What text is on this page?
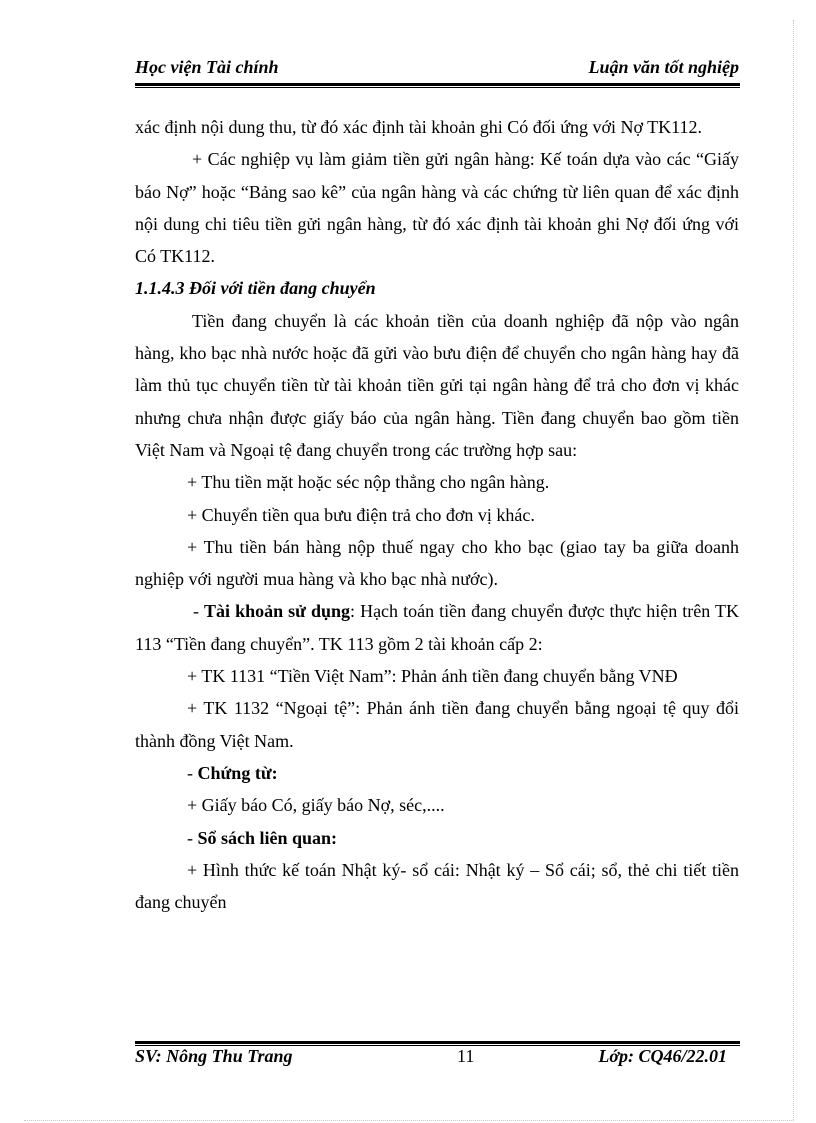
Học viện Tài chính	Luận văn tốt nghiệp

xác định nội dung thu, từ đó xác định tài khoản ghi Có đối ứng với Nợ TK112.

+ Các nghiệp vụ làm giảm tiền gửi ngân hàng: Kế toán dựa vào các “Giấy báo Nợ” hoặc “Bảng sao kê” của ngân hàng và các chứng từ liên quan để xác định nội dung chi tiêu tiền gửi ngân hàng, từ đó xác định tài khoản ghi Nợ đối ứng với Có TK112.

1.1.4.3 Đối với tiền đang chuyển

Tiền đang chuyển là các khoản tiền của doanh nghiệp đã nộp vào ngân hàng, kho bạc nhà nước hoặc đã gửi vào bưu điện để chuyển cho ngân hàng hay đã làm thủ tục chuyển tiền từ tài khoản tiền gửi tại ngân hàng để trả cho đơn vị khác nhưng chưa nhận được giấy báo của ngân hàng. Tiền đang chuyển bao gồm tiền Việt Nam và Ngoại tệ đang chuyển trong các trường hợp sau:

+ Thu tiền mặt hoặc séc nộp thẳng cho ngân hàng.

+ Chuyển tiền qua bưu điện trả cho đơn vị khác.

+ Thu tiền bán hàng nộp thuế ngay cho kho bạc (giao tay ba giữa doanh nghiệp với người mua hàng và kho bạc nhà nước).

- Tài khoản sử dụng: Hạch toán tiền đang chuyển được thực hiện trên TK 113 “Tiền đang chuyển”. TK 113 gồm 2 tài khoản cấp 2:

+ TK 1131 “Tiền Việt Nam”: Phản ánh tiền đang chuyển bằng VNĐ

+ TK 1132 “Ngoại tệ”: Phản ánh tiền đang chuyển bằng ngoại tệ quy đổi thành đồng Việt Nam.

- Chứng từ:

+ Giấy báo Có, giấy báo Nợ, séc,....

- Sổ sách liên quan:

+ Hình thức kế toán Nhật ký- sổ cái: Nhật ký – Sổ cái; sổ, thẻ chi tiết tiền đang chuyển

SV: Nông Thu Trang	11	Lớp: CQ46/22.01
